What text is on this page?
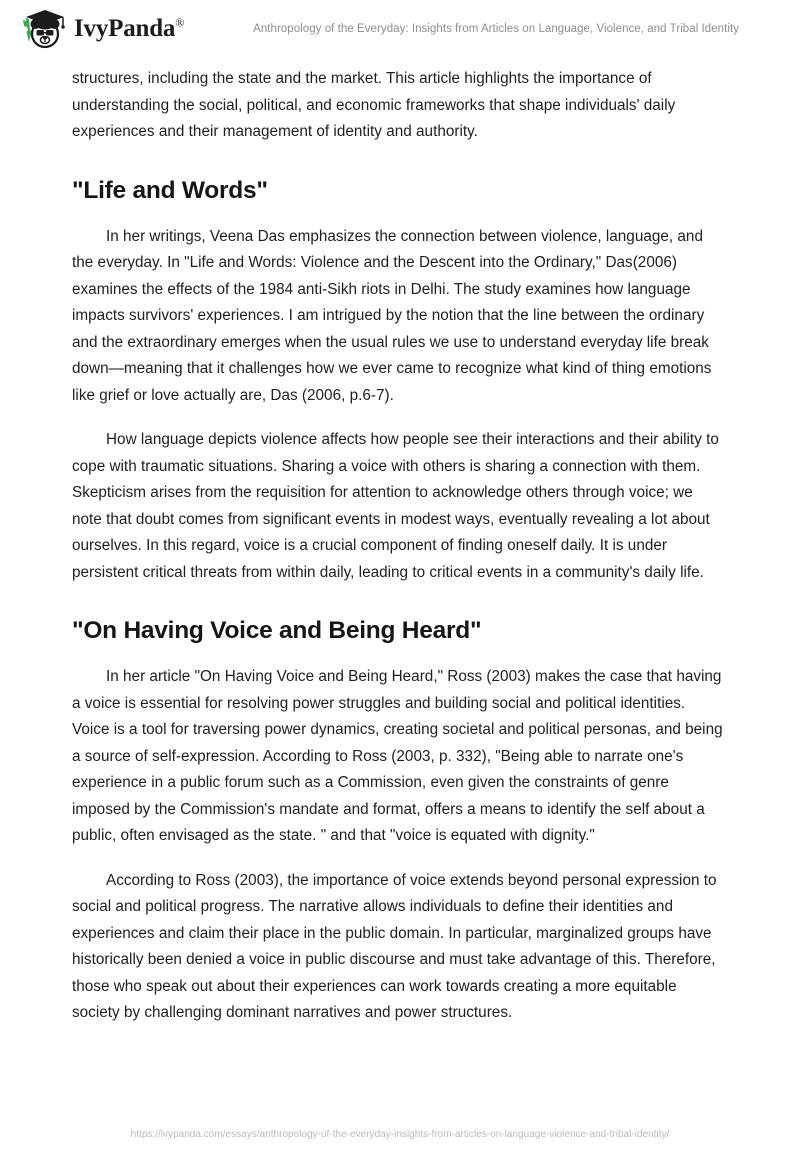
IvyPanda®	Anthropology of the Everyday: Insights from Articles on Language, Violence, and Tribal Identity

structures, including the state and the market. This article highlights the importance of understanding the social, political, and economic frameworks that shape individuals' daily experiences and their management of identity and authority.

"Life and Words"

In her writings, Veena Das emphasizes the connection between violence, language, and the everyday. In "Life and Words: Violence and the Descent into the Ordinary," Das(2006) examines the effects of the 1984 anti-Sikh riots in Delhi. The study examines how language impacts survivors' experiences. I am intrigued by the notion that the line between the ordinary and the extraordinary emerges when the usual rules we use to understand everyday life break down—meaning that it challenges how we ever came to recognize what kind of thing emotions like grief or love actually are, Das (2006, p.6-7).

How language depicts violence affects how people see their interactions and their ability to cope with traumatic situations. Sharing a voice with others is sharing a connection with them. Skepticism arises from the requisition for attention to acknowledge others through voice; we note that doubt comes from significant events in modest ways, eventually revealing a lot about ourselves. In this regard, voice is a crucial component of finding oneself daily. It is under persistent critical threats from within daily, leading to critical events in a community's daily life.

"On Having Voice and Being Heard"

In her article "On Having Voice and Being Heard," Ross (2003) makes the case that having a voice is essential for resolving power struggles and building social and political identities. Voice is a tool for traversing power dynamics, creating societal and political personas, and being a source of self-expression. According to Ross (2003, p. 332), "Being able to narrate one's experience in a public forum such as a Commission, even given the constraints of genre imposed by the Commission's mandate and format, offers a means to identify the self about a public, often envisaged as the state. " and that "voice is equated with dignity."

According to Ross (2003), the importance of voice extends beyond personal expression to social and political progress. The narrative allows individuals to define their identities and experiences and claim their place in the public domain. In particular, marginalized groups have historically been denied a voice in public discourse and must take advantage of this. Therefore, those who speak out about their experiences can work towards creating a more equitable society by challenging dominant narratives and power structures.

https://ivypanda.com/essays/anthropology-of-the-everyday-insights-from-articles-on-language-violence-and-tribal-identity/
